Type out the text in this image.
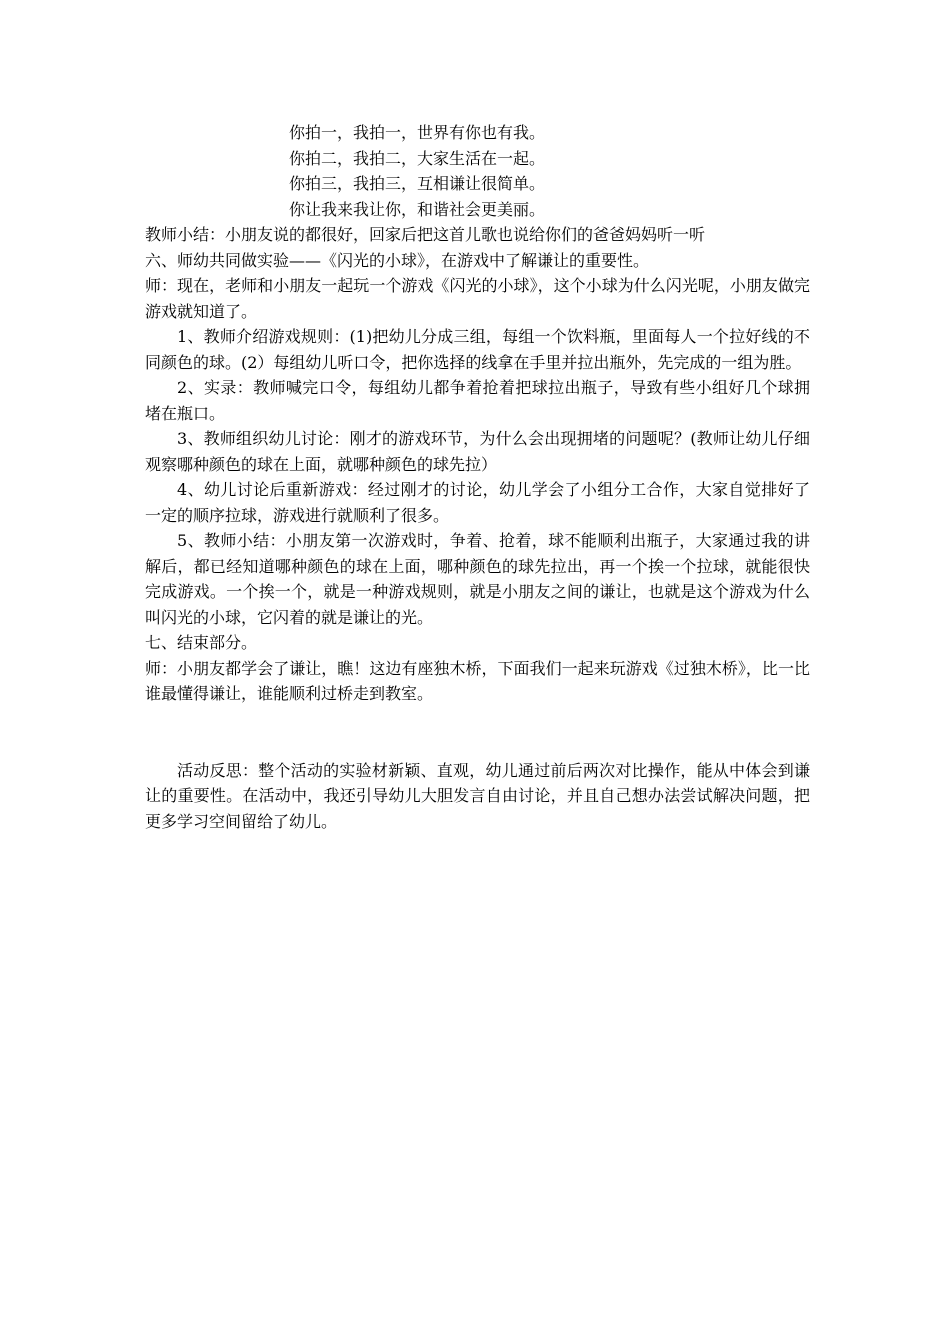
你拍一，我拍一，世界有你也有我。
你拍二，我拍二，大家生活在一起。
你拍三，我拍三，互相谦让很简单。
你让我来我让你，和谐社会更美丽。

教师小结：小朋友说的都很好，回家后把这首儿歌也说给你们的爸爸妈妈听一听

六、师幼共同做实验——《闪光的小球》，在游戏中了解谦让的重要性。

师：现在，老师和小朋友一起玩一个游戏《闪光的小球》，这个小球为什么闪光呢，小朋友做完游戏就知道了。

1、教师介绍游戏规则：(1)把幼儿分成三组，每组一个饮料瓶，里面每人一个拉好线的不同颜色的球。(2）每组幼儿听口令，把你选择的线拿在手里并拉出瓶外，先完成的一组为胜。

2、实录：教师喊完口令，每组幼儿都争着抢着把球拉出瓶子，导致有些小组好几个球拥堵在瓶口。

3、教师组织幼儿讨论：刚才的游戏环节，为什么会出现拥堵的问题呢？(教师让幼儿仔细观察哪种颜色的球在上面，就哪种颜色的球先拉）

4、幼儿讨论后重新游戏：经过刚才的讨论，幼儿学会了小组分工合作，大家自觉排好了一定的顺序拉球，游戏进行就顺利了很多。

5、教师小结：小朋友第一次游戏时，争着、抢着，球不能顺利出瓶子，大家通过我的讲解后，都已经知道哪种颜色的球在上面，哪种颜色的球先拉出，再一个挨一个拉球，就能很快完成游戏。一个挨一个，就是一种游戏规则，就是小朋友之间的谦让，也就是这个游戏为什么叫闪光的小球，它闪着的就是谦让的光。

七、结束部分。

师：小朋友都学会了谦让，瞧！这边有座独木桥，下面我们一起来玩游戏《过独木桥》，比一比谁最懂得谦让，谁能顺利过桥走到教室。

活动反思：整个活动的实验材新颖、直观，幼儿通过前后两次对比操作，能从中体会到谦让的重要性。在活动中，我还引导幼儿大胆发言自由讨论，并且自己想办法尝试解决问题，把更多学习空间留给了幼儿。
